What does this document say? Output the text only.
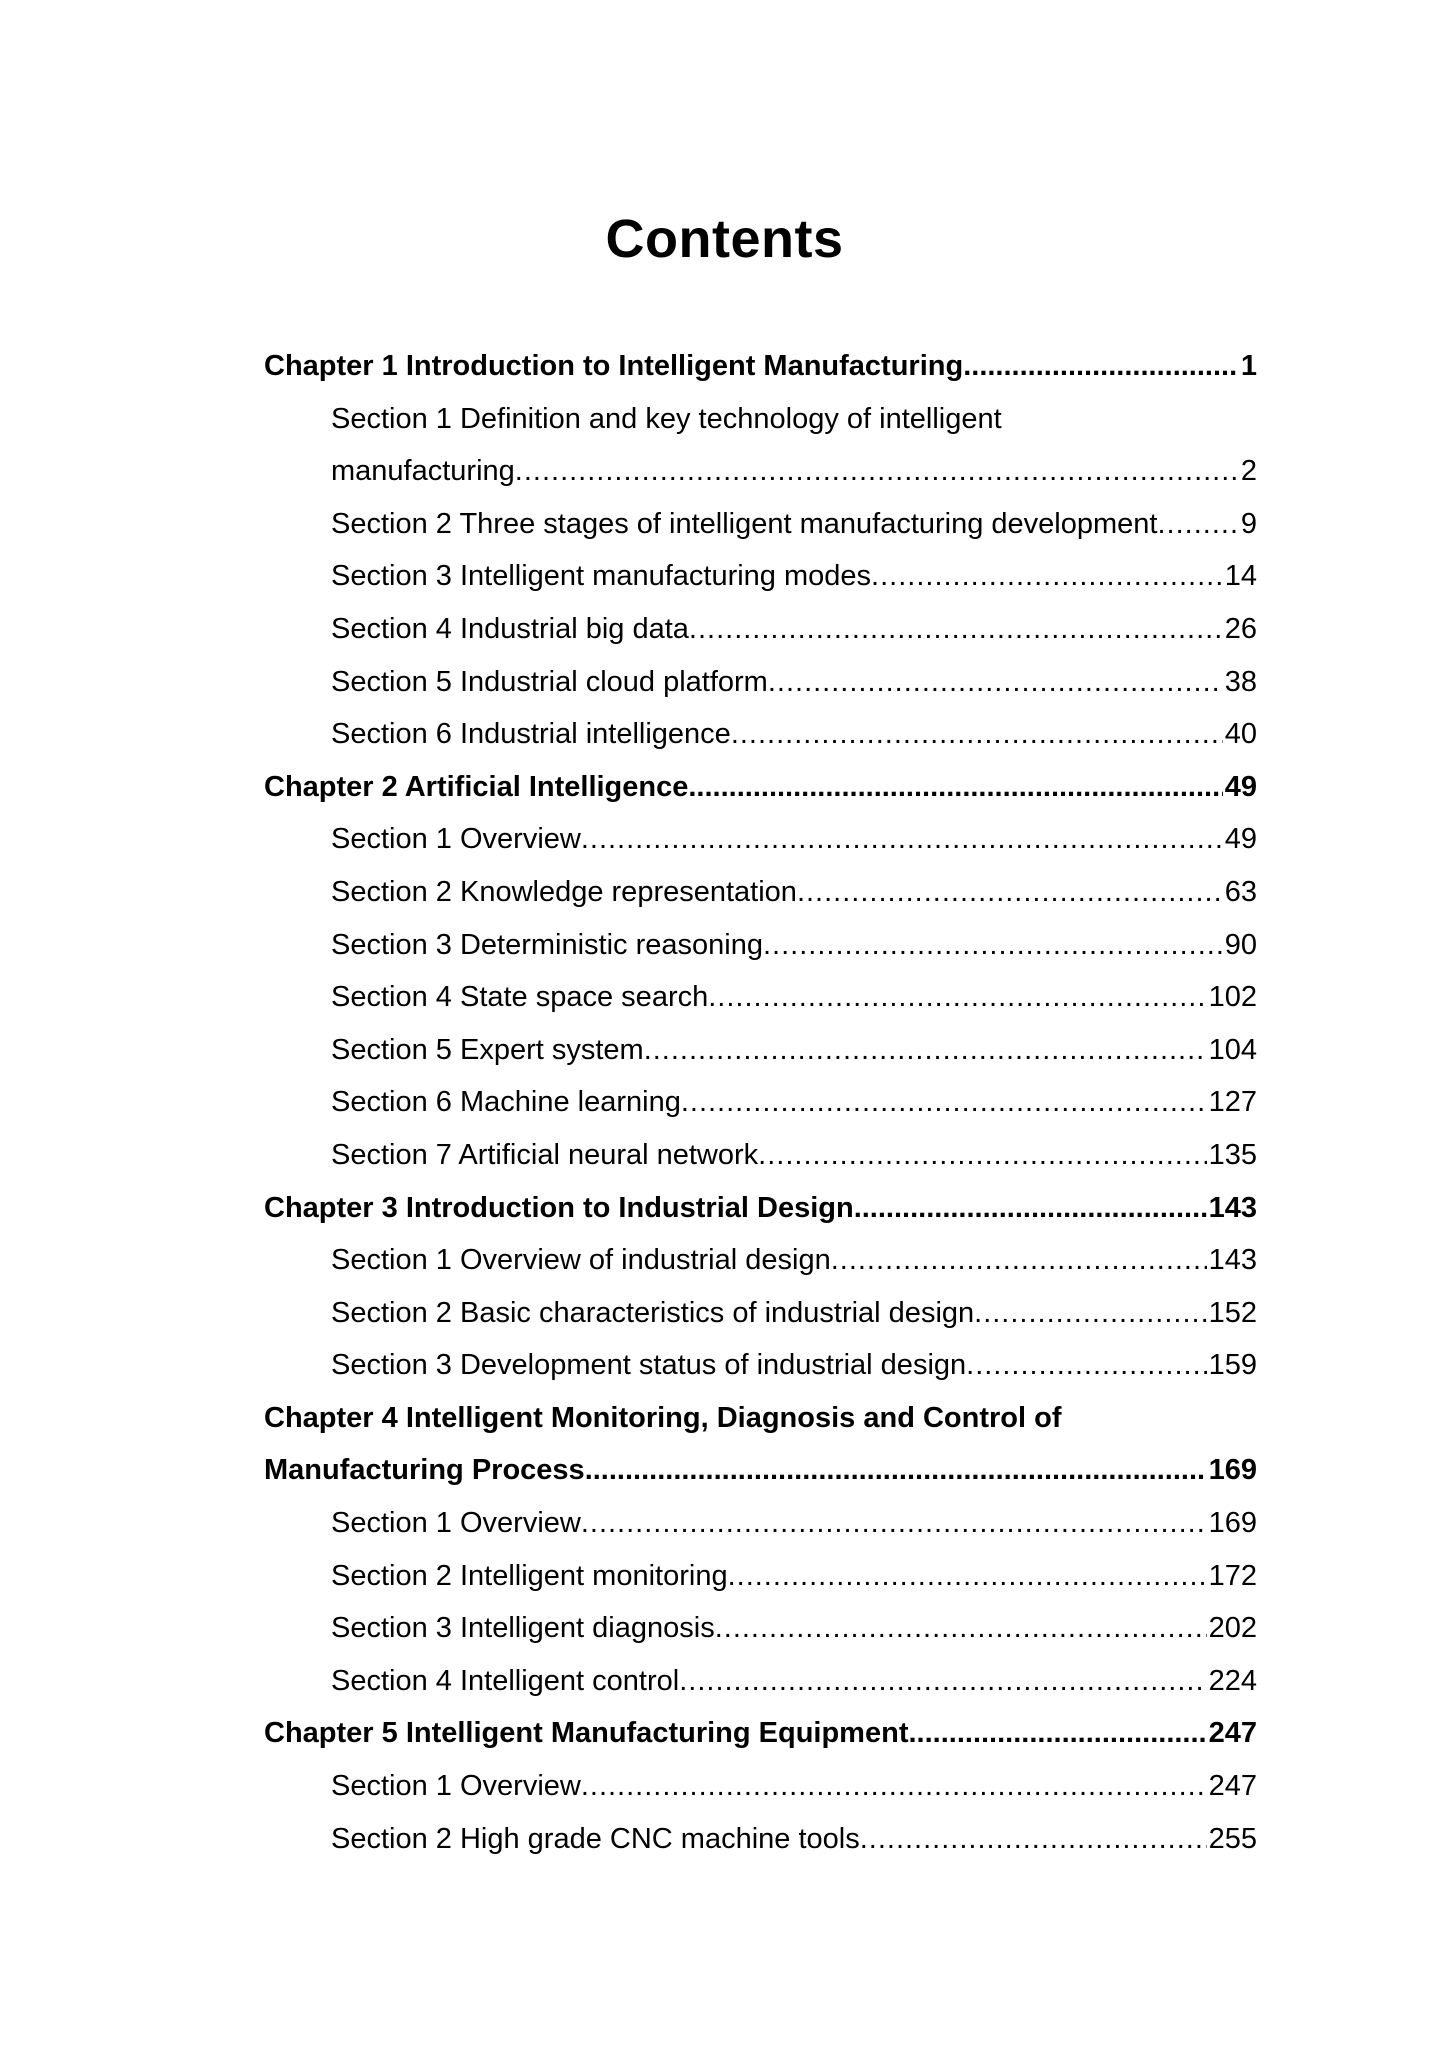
Contents
Chapter 1 Introduction to Intelligent Manufacturing .....	1
Section 1 Definition and key technology of intelligent
manufacturing .....	2
Section 2 Three stages of intelligent manufacturing development .....	9
Section 3 Intelligent manufacturing modes .....	14
Section 4 Industrial big data .....	26
Section 5 Industrial cloud platform .....	38
Section 6 Industrial intelligence .....	40
Chapter 2 Artificial Intelligence .....	49
Section 1 Overview .....	49
Section 2 Knowledge representation .....	63
Section 3 Deterministic reasoning .....	90
Section 4 State space search .....	102
Section 5 Expert system .....	104
Section 6 Machine learning .....	127
Section 7 Artificial neural network .....	135
Chapter 3 Introduction to Industrial Design .....	143
Section 1 Overview of industrial design .....	143
Section 2 Basic characteristics of industrial design .....	152
Section 3 Development status of industrial design .....	159
Chapter 4 Intelligent Monitoring, Diagnosis and Control of
Manufacturing Process .....	169
Section 1 Overview .....	169
Section 2 Intelligent monitoring .....	172
Section 3 Intelligent diagnosis .....	202
Section 4 Intelligent control .....	224
Chapter 5 Intelligent Manufacturing Equipment .....	247
Section 1 Overview .....	247
Section 2 High grade CNC machine tools .....	255
